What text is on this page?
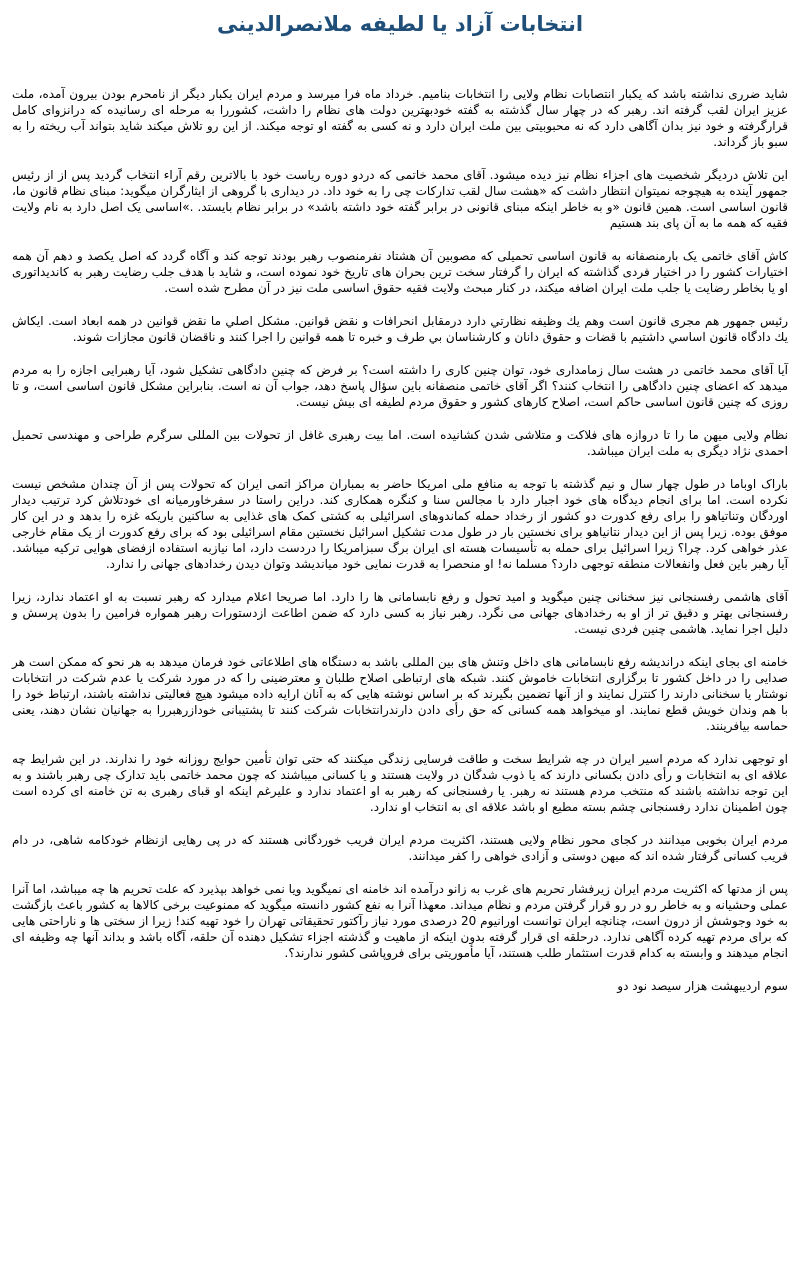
انتخابات آزاد یا لطیفه ملانصرالدینی

شاید ضرری نداشته باشد که یکبار انتصابات نظام ولایی را انتخابات بنامیم. خرداد ماه فرا میرسد و مردم ایران یکبار دیگر از نامحرم بودن بیرون آمده، ملت عزیز ایران لقب گرفته اند. رهبر که در چهار سال گذشته به گفته خودبهترین دولت های نظام را داشت، کشوررا به مرحله ای رسانیده که درانزوای کامل قرارگرفته و خود نیز بدان آگاهی دارد که نه محبوبیتی بین ملت ایران دارد و نه کسی به گفته او توجه میکند. از این رو تلاش میکند شاید بتواند آب ریخته را به سبو باز گرداند.

این تلاش دردیگر شخصیت های اجزاء نظام نیز دیده میشود. آقای محمد خاتمی که دردو دوره ریاست خود با بالاترین رقم آراء انتخاب گردید پس از از رئیس جمهور آینده به هیچوجه نمیتوان انتظار داشت که «هشت سال لقب تداركات چی را به خود داد. در دیداری با گروهی از ایثارگران میگوید: مبنای نظام قانون ما، قانون اساسی است. همین قانون «و به خاطر اینکه مبنای قانونی در برابر گفته خود داشته باشد» در برابر نظام بایستد. .»اساسی یک اصل دارد به نام ولایت فقیه که همه ما به آن پای بند هستیم

کاش آقای خاتمی یک بارمنصفانه به قانون اساسی تحمیلی که مصوبین آن هشتاد نفرمنصوب رهبر بودند توجه کند و آگاه گردد که اصل یکصد و دهم آن همه اختیارات کشور را در اختیار فردی گذاشته که ایران را گرفتار سخت ترین بحران های تاریخ خود نموده است، و شاید با هدف جلب رضایت رهبر به کاندیداتوری او یا بخاطر رضایت یا جلب ملت ایران اضافه میکند، در کنار مبحث ولایت فقیه حقوق اساسی ملت نیز در آن مطرح شده است.

رئیس جمهور هم مجری قانون است وهم یك وظیفه نظارتي دارد درمقابل انحرافات و نقض قوانین. مشکل اصلي ما نقض قوانین در همه ابعاد است. ایکاش یك دادگاه قانون اساسي داشتیم با قضات و حقوق دانان و کارشناسان بي طرف و خبره تا همه قوانین را اجرا کنند و ناقضان قانون مجازات شوند.

آیا آقای محمد خاتمی در هشت سال زمامداری خود، توان چنین کاری را داشته است؟ بر فرض که چنین دادگاهی تشکیل شود، آیا رهبرایی اجازه را به مردم میدهد که اعضای چنین دادگاهی را انتخاب کنند؟ اگر آقای خاتمی منصفانه باین سؤال پاسخ دهد، جواب آن نه است. بنابراین مشکل قانون اساسی است، و تا روزی که چنین قانون اساسی حاکم است، اصلاح کارهای کشور و حقوق مردم لطیفه ای بیش نیست.

نظام ولایی میهن ما را تا دروازه های فلاکت و متلاشی شدن کشانیده است. اما بیت رهبری غافل از تحولات بین المللی سرگرم طراحی و مهندسی تحمیل احمدی نژاد دیگری به ملت ایران میباشد.

باراک اوباما در طول چهار سال و نیم گذشته با توجه به منافع ملی امریکا حاضر به بمباران مراکز اتمی ایران که تحولات پس از آن چندان مشخص نیست نکرده است. اما برای انجام دیدگاه های خود اجبار دارد با مجالس سنا و کنگره همکاری کند. دراین راستا در سفرخاورمیانه ای خودتلاش کرد ترتیب دیدار اوردگان وتناتیاهو را برای رفع کدورت دو کشور از رخداد حمله کماندوهای اسرائیلی به کشتی کمک های غذایی به ساکنین باریکه غزه را بدهد و در این کار موفق بوده. زیرا پس از این دیدار نتانیاهو برای نخستین بار در طول مدت تشکیل اسرائیل نخستین مقام اسرائیلی بود که برای رفع کدورت از یک مقام خارجی عذر خواهی کرد. چرا؟ زیرا اسرائیل برای حمله به تأسیسات هسته ای ایران برگ سبزامریکا را دردست دارد، اما نیازبه استفاده ازفضای هوایی ترکیه میباشد. آیا رهبر باین فعل وانفعالات منطقه توجهی دارد؟ مسلما نه! او منحصرا به قدرت نمایی خود میاندیشد وتوان دیدن رخدادهای جهانی را ندارد.

آقای هاشمی رفسنجانی نیز سخنانی چنین میگوید و امید تحول و رفع نابسامانی ها را دارد. اما صریحا اعلام میدارد که رهبر نسبت به او اعتماد ندارد، زیرا رفسنجانی بهتر و دقیق تر از او به رخدادهای جهانی می نگرد. رهبر نیاز به کسی دارد که ضمن اطاعت ازدستورات رهبر همواره فرامین را بدون پرسش و دلیل اجرا نماید. هاشمی چنین فردی نیست.

خامنه ای بجای اینکه دراندیشه رفع نابسامانی های داخل وتنش های بین المللی باشد به دستگاه های اطلاعاتی خود فرمان میدهد به هر نحو که ممکن است هر صدایی را در داخل کشور تا برگزاری انتخابات خاموش کنند. شبکه های ارتباطی اصلاح طلبان و معترضینی را که در مورد شرکت یا عدم شرکت در انتخابات نوشتار یا سخنانی دارند را کنترل نمایند و از آنها تضمین بگیرند که بر اساس نوشته هایی که به آنان ارایه داده میشود هیچ فعالیتی نداشته باشند، ارتباط خود را با هم وندان خویش قطع نمایند. او میخواهد همه کسانی که حق رأی دادن دارندرانتخابات شرکت کنند تا پشتیبانی خودازرهبررا به جهانیان نشان دهند، یعنی حماسه بیافرینند.

او توجهی ندارد که مردم اسیر ایران در چه شرایط سخت و طاقت فرسایی زندگی میکنند که حتی توان تأمین حوایج روزانه خود را ندارند. در این شرایط چه علاقه ای به انتخابات و رأی دادن بکسانی دارند که یا ذوب شدگان در ولایت هستند و یا کسانی میباشند که چون محمد خاتمی باید تدارک چی رهبر باشند و به این توجه نداشته باشند که منتخب مردم هستند نه رهبر. یا رفسنجانی که رهبر به او اعتماد ندارد و علیرغم اینکه او قبای رهبری به تن خامنه ای کرده است چون اطمینان ندارد رفسنجانی چشم بسته مطیع او باشد علاقه ای به انتخاب او ندارد.

مردم ایران بخوبی میدانند در کجای محور نظام ولایی هستند، اکثریت مردم ایران فریب خوردگانی هستند که در پی رهایی ازنظام خودکامه شاهی، در دام فریب کسانی گرفتار شده اند که میهن دوستی و آزادی خواهی را کفر میدانند.

پس از مدتها که اکثریت مردم ایران زیرفشار تحریم های غرب به زانو درآمده اند خامنه ای نمیگوید ویا نمی خواهد بپذیرد که علت تحریم ها چه میباشد، اما آنرا عملی وحشیانه و به خاطر رو در رو قرار گرفتن مردم و نظام میداند. معهذا آنرا به نفع کشور دانسته میگوید که ممنوعیت برخی کالاها به کشور باعث بازگشت به خود وجوشش از درون است، چنانچه ایران توانست اورانیوم 20 درصدی مورد نیاز رآکتور تحقیقاتی تهران را خود تهیه کند! زیرا از سختی ها و ناراحتی هایی که برای مردم تهیه کرده آگاهی ندارد. درحلقه ای قرار گرفته بدون اینکه از ماهیت و گذشته اجزاء تشکیل دهنده آن حلقه، آگاه باشد و بداند آنها چه وظیفه ای انجام میدهند و وابسته به کدام قدرت استثمار طلب هستند، آیا مأموریتی برای فروپاشی کشور ندارند؟.

سوم اردیبهشت هزار سیصد نود دو
